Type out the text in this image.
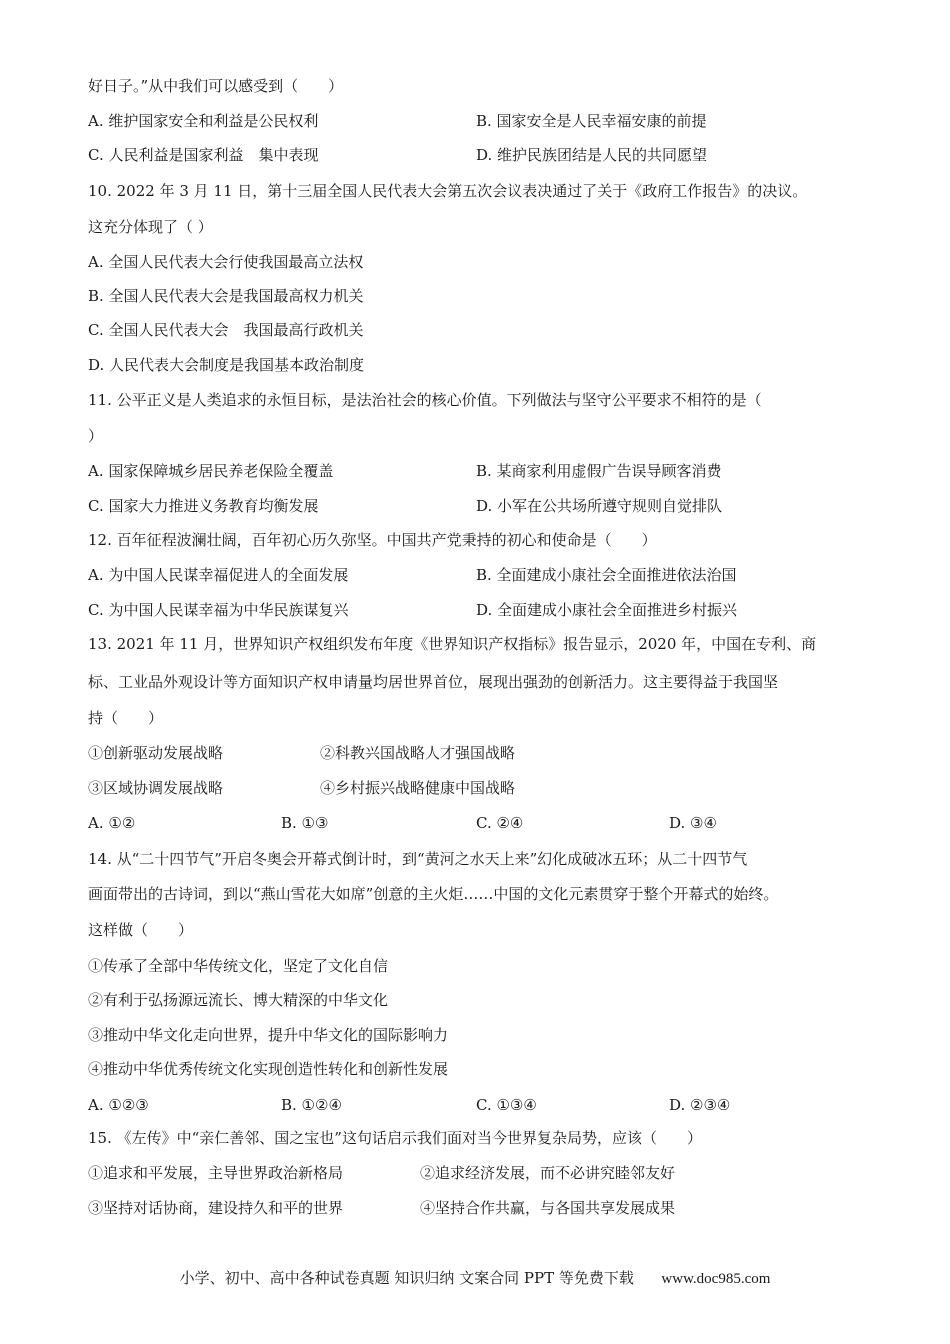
好日子。”从中我们可以感受到（　　）
A. 维护国家安全和利益是公民权利	B. 国家安全是人民幸福安康的前提
C. 人民利益是国家利益　集中表现	D. 维护民族团结是人民的共同愿望
10. 2022 年 3 月 11 日，第十三届全国人民代表大会第五次会议表决通过了关于《政府工作报告》的决议。
这充分体现了（ ）
A. 全国人民代表大会行使我国最高立法权
B. 全国人民代表大会是我国最高权力机关
C. 全国人民代表大会　我国最高行政机关
D. 人民代表大会制度是我国基本政治制度
11. 公平正义是人类追求的永恒目标，是法治社会的核心价值。下列做法与坚守公平要求不相符的是（
）
A. 国家保障城乡居民养老保险全覆盖	B. 某商家利用虚假广告误导顾客消费
C. 国家大力推进义务教育均衡发展	D. 小军在公共场所遵守规则自觉排队
12. 百年征程波澜壮阔，百年初心历久弥坚。中国共产党秉持的初心和使命是（　　）
A. 为中国人民谋幸福促进人的全面发展	B. 全面建成小康社会全面推进依法治国
C. 为中国人民谋幸福为中华民族谋复兴	D. 全面建成小康社会全面推进乡村振兴
13. 2021 年 11 月，世界知识产权组织发布年度《世界知识产权指标》报告显示，2020 年，中国在专利、商
标、工业品外观设计等方面知识产权申请量均居世界首位，展现出强劲的创新活力。这主要得益于我国坚
持（　　）
①创新驱动发展战略	②科教兴国战略人才强国战略
③区域协调发展战略	④乡村振兴战略健康中国战略
A. ①②	B. ①③	C. ②④	D. ③④
14. 从“二十四节气”开启冬奥会开幕式倒计时，到“黄河之水天上来”幻化成破冰五环；从二十四节气
画面带出的古诗词，到以“燕山雪花大如席”创意的主火炬……中国的文化元素贯穿于整个开幕式的始终。
这样做（　　）
①传承了全部中华传统文化，坚定了文化自信
②有利于弘扬源远流长、博大精深的中华文化
③推动中华文化走向世界，提升中华文化的国际影响力
④推动中华优秀传统文化实现创造性转化和创新性发展
A. ①②③	B. ①②④	C. ①③④	D. ②③④
15. 《左传》中“亲仁善邻、国之宝也”这句话启示我们面对当今世界复杂局势，应该（　　）
①追求和平发展，主导世界政治新格局	②追求经济发展，而不必讲究睦邻友好
③坚持对话协商，建设持久和平的世界	④坚持合作共赢，与各国共享发展成果
小学、初中、高中各种试卷真题 知识归纳 文案合同 PPT 等免费下载 www.doc985.com
